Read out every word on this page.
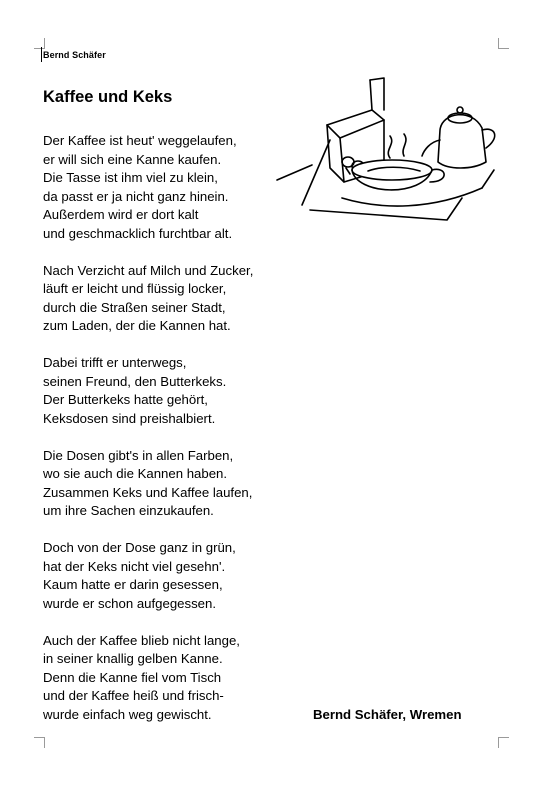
Bernd Schäfer
Kaffee und Keks
Der Kaffee ist heut' weggelaufen,
er will sich eine Kanne kaufen.
Die Tasse ist ihm viel zu klein,
da passt er ja nicht ganz hinein.
Außerdem wird er dort kalt
und geschmacklich furchtbar alt.
Nach Verzicht auf Milch und Zucker,
läuft er leicht und flüssig locker,
durch die Straßen seiner Stadt,
zum Laden, der die Kannen hat.
Dabei trifft er unterwegs,
seinen Freund, den Butterkeks.
Der Butterkeks hatte gehört,
Keksdosen sind preishalbiert.
Die Dosen gibt's in allen Farben,
wo sie auch die Kannen haben.
Zusammen Keks und Kaffee laufen,
um ihre Sachen einzukaufen.
Doch von der Dose ganz in grün,
hat der Keks nicht viel gesehn'.
Kaum hatte er darin gesessen,
wurde er schon aufgegessen.
Auch der Kaffee blieb nicht lange,
in seiner knallig gelben Kanne.
Denn die Kanne fiel vom Tisch
und der Kaffee heiß und frisch-
wurde einfach weg gewischt.	Bernd Schäfer, Wremen
